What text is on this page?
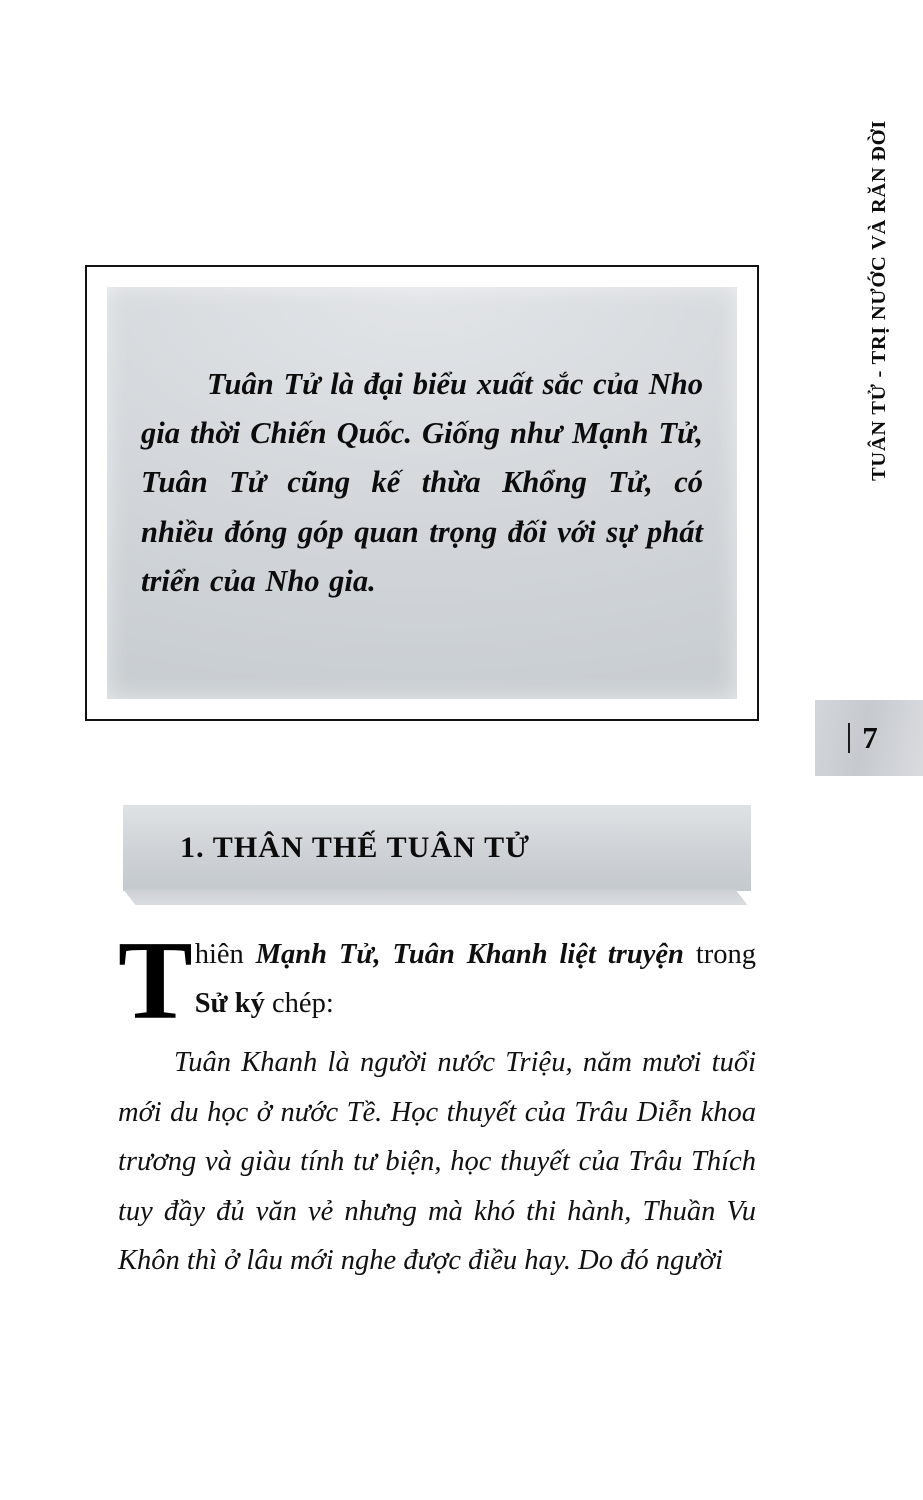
TUÂN TỬ - TRỊ NƯỚC VÀ RĂN ĐỜI
7

Tuân Tử là đại biểu xuất sắc của Nho gia thời Chiến Quốc. Giống như Mạnh Tử, Tuân Tử cũng kế thừa Khổng Tử, có nhiều đóng góp quan trọng đối với sự phát triển của Nho gia.

1. THÂN THẾ TUÂN TỬ

Thiên Mạnh Tử, Tuân Khanh liệt truyện trong Sử ký chép:

Tuân Khanh là người nước Triệu, năm mươi tuổi mới du học ở nước Tề. Học thuyết của Trâu Diễn khoa trương và giàu tính tư biện, học thuyết của Trâu Thích tuy đầy đủ văn vẻ nhưng mà khó thi hành, Thuần Vu Khôn thì ở lâu mới nghe được điều hay. Do đó người
